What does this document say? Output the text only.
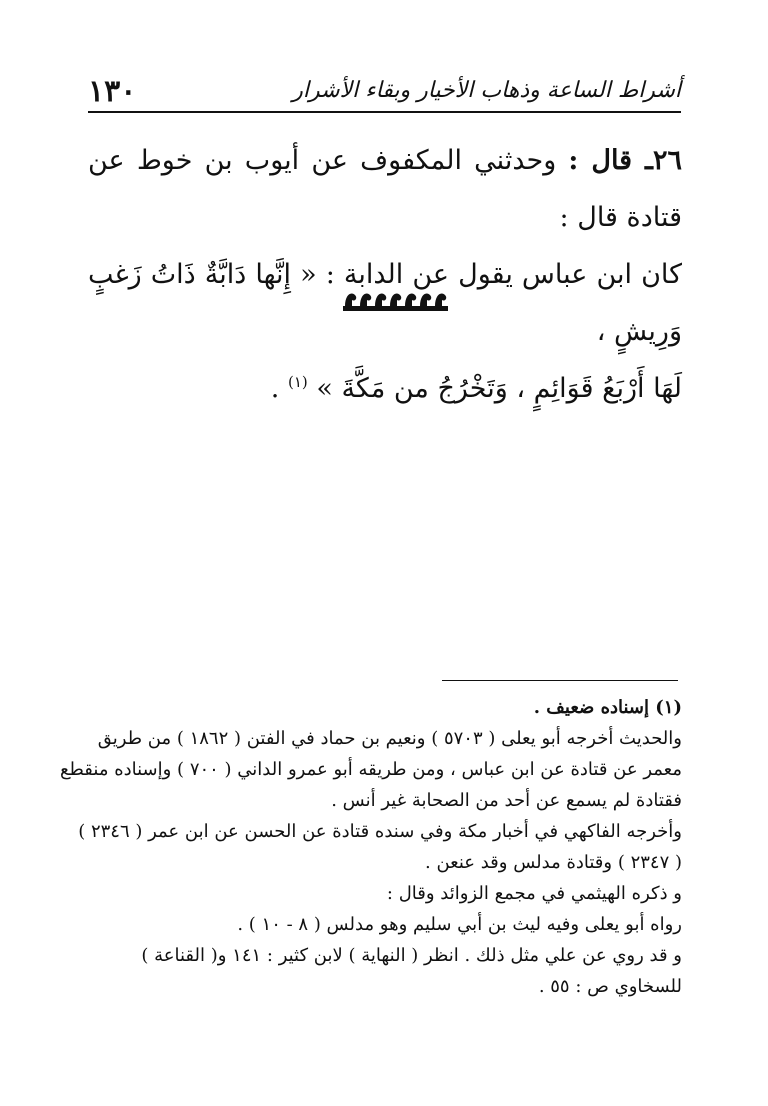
١٣٠	أشراط الساعة وذهاب الأخيار وبقاء الأشرار

٢٦ـ قال : وحدثني المكفوف عن أيوب بن خوط عن قتادة قال :

كان ابن عباس يقول عن الدابة : « إِنَّها دَابَّةٌ ذَاتُ زَغبٍ وَرِيشٍ ،

لَهَا أَرْبَعُ قَوَائِمٍ ، وَتَخْرُجُ من مَكَّةَ » $^{(١)}$ .

(١) إسناده ضعيف .

والحديث أخرجه أبو يعلى ( ٥٧٠٣ ) ونعيم بن حماد في الفتن ( ١٨٦٢ ) من طريق

معمر عن قتادة عن ابن عباس ، ومن طريقه أبو عمرو الداني ( ٧٠٠ ) وإسناده منقطع

فقتادة لم يسمع عن أحد من الصحابة غير أنس .

وأخرجه الفاكهي في أخبار مكة وفي سنده قتادة عن الحسن عن ابن عمر ( ٢٣٤٦ )

( ٢٣٤٧ ) وقتادة مدلس وقد عنعن .

و ذكره الهيثمي في مجمع الزوائد وقال :

رواه أبو يعلى وفيه ليث بن أبي سليم وهو مدلس ( ٨ - ١٠ ) .

و قد روي عن علي مثل ذلك . انظر ( النهاية ) لابن كثير : ١٤١ و( القناعة )

للسخاوي ص : ٥٥ .
